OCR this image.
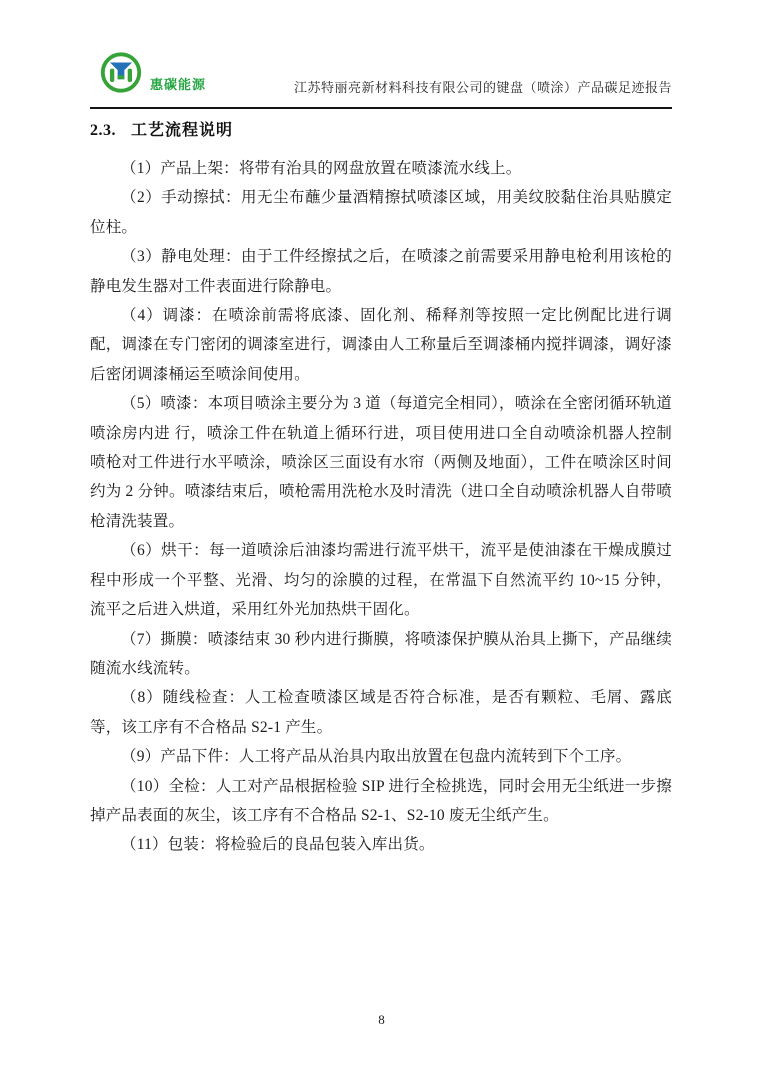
惠碳能源	江苏特丽亮新材料科技有限公司的键盘（喷涂）产品碳足迹报告
2.3. 工艺流程说明

（1）产品上架：将带有治具的网盘放置在喷漆流水线上。

（2）手动擦拭：用无尘布蘸少量酒精擦拭喷漆区域，用美纹胶黏住治具贴膜定位柱。

（3）静电处理：由于工件经擦拭之后，在喷漆之前需要采用静电枪利用该枪的静电发生器对工件表面进行除静电。

（4）调漆：在喷涂前需将底漆、固化剂、稀释剂等按照一定比例配比进行调配，调漆在专门密闭的调漆室进行，调漆由人工称量后至调漆桶内搅拌调漆，调好漆后密闭调漆桶运至喷涂间使用。

（5）喷漆：本项目喷涂主要分为 3 道（每道完全相同），喷涂在全密闭循环轨道喷涂房内进 行，喷涂工件在轨道上循环行进，项目使用进口全自动喷涂机器人控制喷枪对工件进行水平喷涂，喷涂区三面设有水帘（两侧及地面），工件在喷涂区时间约为 2 分钟。喷漆结束后，喷枪需用洗枪水及时清洗（进口全自动喷涂机器人自带喷枪清洗装置。

（6）烘干：每一道喷涂后油漆均需进行流平烘干，流平是使油漆在干燥成膜过程中形成一个平整、光滑、均匀的涂膜的过程，在常温下自然流平约 10~15 分钟，流平之后进入烘道，采用红外光加热烘干固化。

（7）撕膜：喷漆结束 30 秒内进行撕膜，将喷漆保护膜从治具上撕下，产品继续随流水线流转。

（8）随线检查：人工检查喷漆区域是否符合标准，是否有颗粒、毛屑、露底等，该工序有不合格品 S2-1 产生。

（9）产品下件：人工将产品从治具内取出放置在包盘内流转到下个工序。

（10）全检：人工对产品根据检验 SIP 进行全检挑选，同时会用无尘纸进一步擦掉产品表面的灰尘，该工序有不合格品 S2-1、S2-10 废无尘纸产生。

（11）包装：将检验后的良品包装入库出货。

8
